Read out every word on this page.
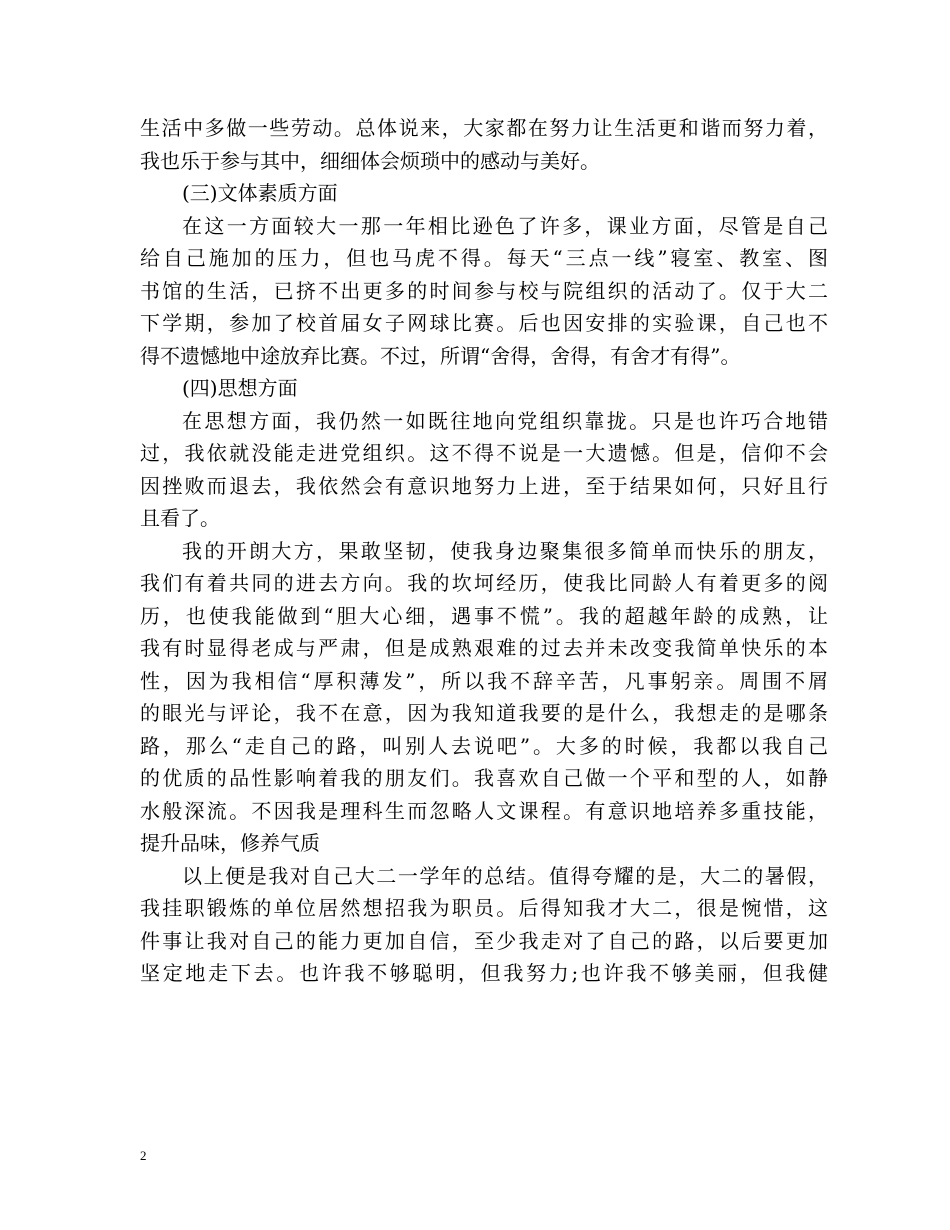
生活中多做一些劳动。总体说来，大家都在努力让生活更和谐而努力着，
我也乐于参与其中，细细体会烦琐中的感动与美好。
(三)文体素质方面
在这一方面较大一那一年相比逊色了许多，课业方面，尽管是自己
给自己施加的压力，但也马虎不得。每天“三点一线”寝室、教室、图
书馆的生活，已挤不出更多的时间参与校与院组织的活动了。仅于大二
下学期，参加了校首届女子网球比赛。后也因安排的实验课，自己也不
得不遗憾地中途放弃比赛。不过，所谓“舍得，舍得，有舍才有得”。
(四)思想方面
在思想方面，我仍然一如既往地向党组织靠拢。只是也许巧合地错
过，我依就没能走进党组织。这不得不说是一大遗憾。但是，信仰不会
因挫败而退去，我依然会有意识地努力上进，至于结果如何，只好且行
且看了。
我的开朗大方，果敢坚韧，使我身边聚集很多简单而快乐的朋友，
我们有着共同的进去方向。我的坎坷经历，使我比同龄人有着更多的阅
历，也使我能做到“胆大心细，遇事不慌”。我的超越年龄的成熟，让
我有时显得老成与严肃，但是成熟艰难的过去并未改变我简单快乐的本
性，因为我相信“厚积薄发”，所以我不辞辛苦，凡事躬亲。周围不屑
的眼光与评论，我不在意，因为我知道我要的是什么，我想走的是哪条
路，那么“走自己的路，叫别人去说吧”。大多的时候，我都以我自己
的优质的品性影响着我的朋友们。我喜欢自己做一个平和型的人，如静
水般深流。不因我是理科生而忽略人文课程。有意识地培养多重技能，
提升品味，修养气质
以上便是我对自己大二一学年的总结。值得夸耀的是，大二的暑假，
我挂职锻炼的单位居然想招我为职员。后得知我才大二，很是惋惜，这
件事让我对自己的能力更加自信，至少我走对了自己的路，以后要更加
坚定地走下去。也许我不够聪明，但我努力;也许我不够美丽，但我健
2
